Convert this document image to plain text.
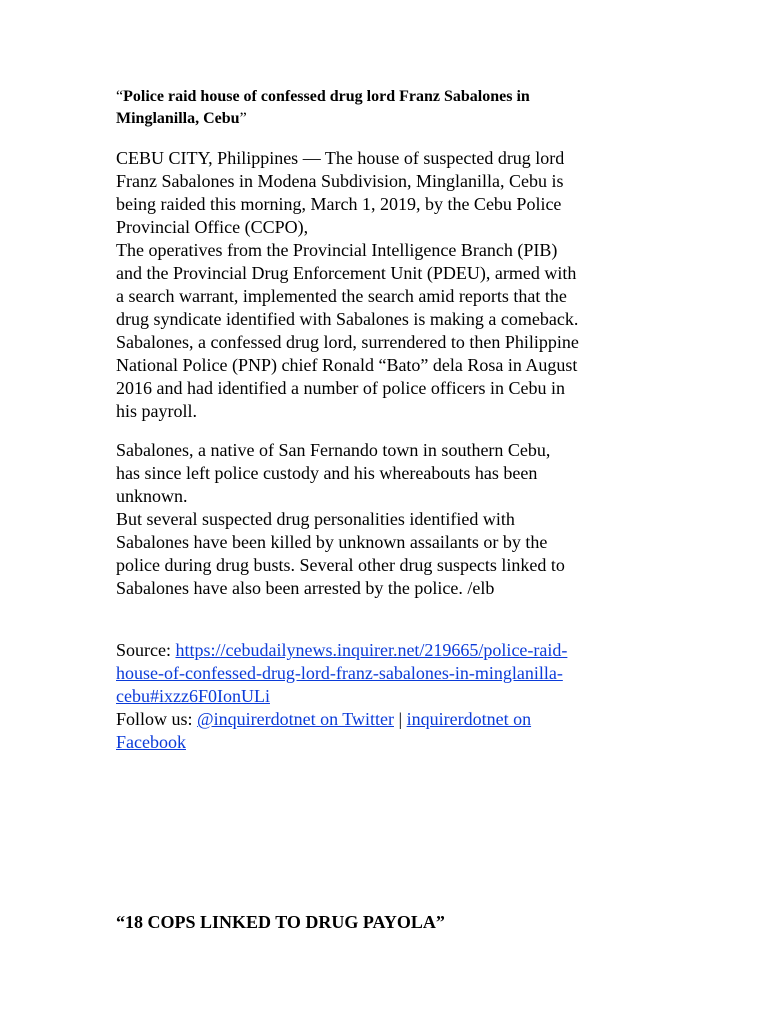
“Police raid house of confessed drug lord Franz Sabalones in
Minglanilla, Cebu”

CEBU CITY, Philippines — The house of suspected drug lord
Franz Sabalones in Modena Subdivision, Minglanilla, Cebu is
being raided this morning, March 1, 2019, by the Cebu Police
Provincial Office (CCPO),
The operatives from the Provincial Intelligence Branch (PIB)
and the Provincial Drug Enforcement Unit (PDEU), armed with
a search warrant, implemented the search amid reports that the
drug syndicate identified with Sabalones is making a comeback.
Sabalones, a confessed drug lord, surrendered to then Philippine
National Police (PNP) chief Ronald “Bato” dela Rosa in August
2016 and had identified a number of police officers in Cebu in
his payroll.
Sabalones, a native of San Fernando town in southern Cebu,
has since left police custody and his whereabouts has been
unknown.
But several suspected drug personalities identified with
Sabalones have been killed by unknown assailants or by the
police during drug busts. Several other drug suspects linked to
Sabalones have also been arrested by the police. /elb
Source: https://cebudailynews.inquirer.net/219665/police-raid-
house-of-confessed-drug-lord-franz-sabalones-in-minglanilla-
cebu#ixzz6F0IonULi
Follow us: @inquirerdotnet on Twitter | inquirerdotnet on
Facebook

“18 COPS LINKED TO DRUG PAYOLA”
